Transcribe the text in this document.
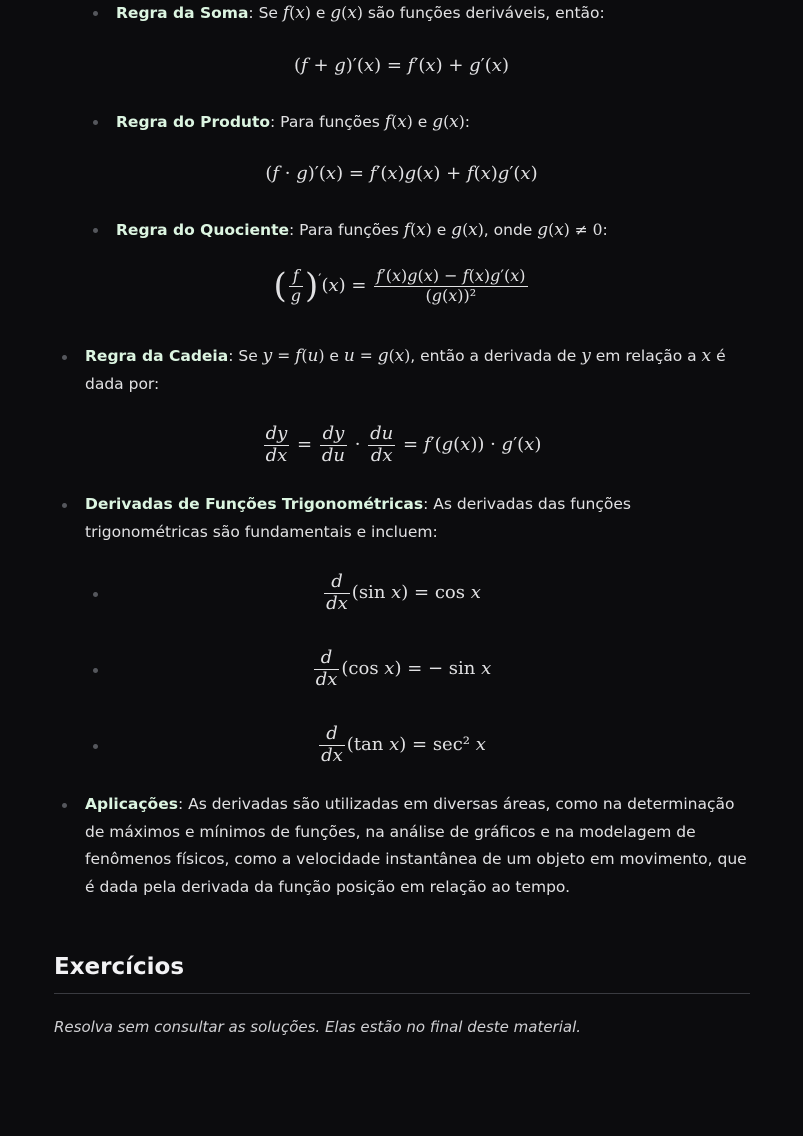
Regra da Soma: Se f(x) e g(x) são funções deriváveis, então:
(f + g)′(x) = f′(x) + g′(x)
Regra do Produto: Para funções f(x) e g(x):
(f · g)′(x) = f′(x)g(x) + f(x)g′(x)
Regra do Quociente: Para funções f(x) e g(x), onde g(x) ≠ 0:
( $\frac{f}{g} )'(x) = \frac{f'(x)g(x) - f(x)g'(x)}{\text{(g(x))²}}$
Regra da Cadeia: Se y = f(u) e u = g(x), então a derivada de y em relação a x é dada por:
$\frac{dy}{dx} = \frac{dy}{du} \cdot \frac{du}{dx} = f'(g(x)) \cdot g'(x)$
Derivadas de Funções Trigonométricas: As derivadas das funções trigonométricas são fundamentais e incluem:
$\frac{d}{dx} (\sin$ x) = cos x
$\frac{d}{dx} (\cos$ x) = − sin x
$\frac{d}{dx} (\tan$ x) = sec² x
Aplicações: As derivadas são utilizadas em diversas áreas, como na determinação de máximos e mínimos de funções, na análise de gráficos e na modelagem de fenômenos físicos, como a velocidade instantânea de um objeto em movimento, que é dada pela derivada da função posição em relação ao tempo.
Exercícios
Resolva sem consultar as soluções. Elas estão no final deste material.
